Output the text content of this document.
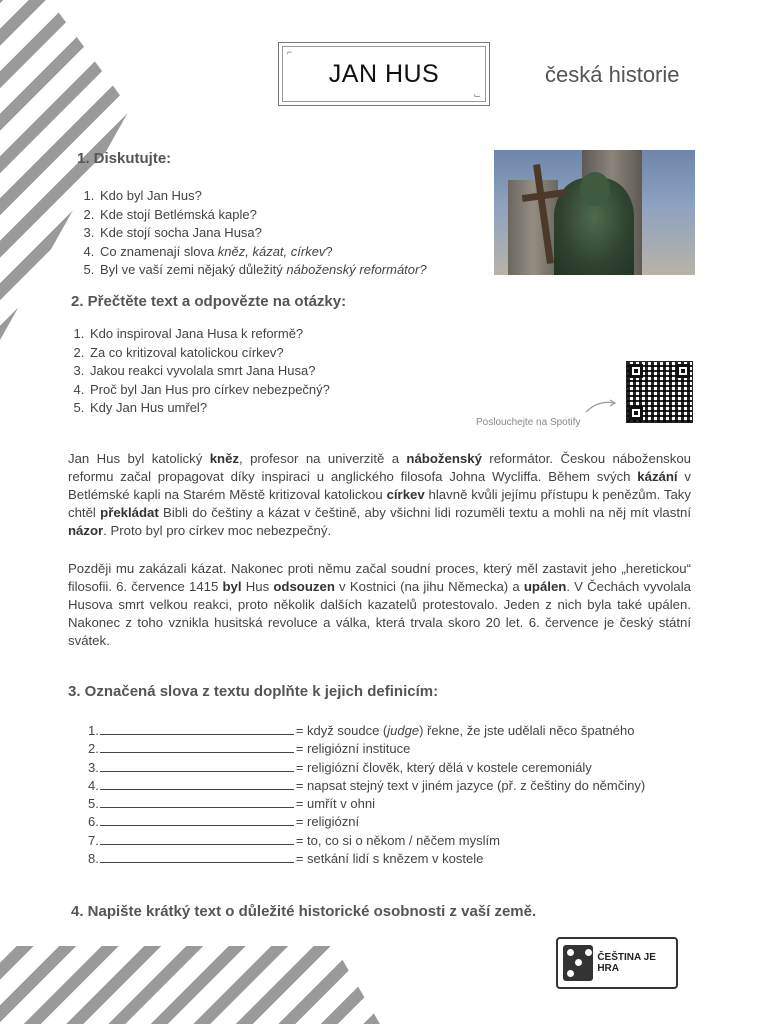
⌐
⌙
JAN HUS	česká historie
1. Diskutujte:
1. Kdo byl Jan Hus?
2. Kde stojí Betlémská kaple?
3. Kde stojí socha Jana Husa?
4. Co znamenají slova kněz, kázat, církev?
5. Byl ve vaší zemi nějaký důležitý náboženský reformátor?
2. Přečtěte text a odpovězte na otázky:
1. Kdo inspiroval Jana Husa k reformě?
2. Za co kritizoval katolickou církev?
3. Jakou reakci vyvolala smrt Jana Husa?
4. Proč byl Jan Hus pro církev nebezpečný?
5. Kdy Jan Hus umřel?
Poslouchejte na Spotify

Jan Hus byl katolický kněz, profesor na univerzitě a náboženský reformátor. Českou náboženskou reformu začal propagovat díky inspiraci u anglického filosofa Johna Wycliffa. Během svých kázání v Betlémské kapli na Starém Městě kritizoval katolickou církev hlavně kvůli jejímu přístupu k penězům. Taky chtěl překládat Bibli do češtiny a kázat v češtině, aby všichni lidi rozuměli textu a mohli na něj mít vlastní názor. Proto byl pro církev moc nebezpečný.

Později mu zakázali kázat. Nakonec proti němu začal soudní proces, který měl zastavit jeho „heretickou“ filosofii. 6. července 1415 byl Hus odsouzen v Kostnici (na jihu Německa) a upálen. V Čechách vyvolala Husova smrt velkou reakci, proto několik dalších kazatelů protestovalo. Jeden z nich byla také upálen. Nakonec z toho vznikla husitská revoluce a válka, která trvala skoro 20 let. 6. července je český státní svátek.

3. Označená slova z textu doplňte k jejich definicím:
1.	= když soudce (judge) řekne, že jste udělali něco špatného
2.	= religiózní instituce
3.	= religiózní člověk, který dělá v kostele ceremoniály
4.	= napsat stejný text v jiném jazyce (př. z češtiny do němčiny)
5.	= umřít v ohni
6.	= religiózní
7.	= to, co si o někom / něčem myslím
8.	= setkání lidí s knězem v kostele
4. Napište krátký text o důležité historické osobnosti z vaší země.
ČEŠTINA JE HRA
